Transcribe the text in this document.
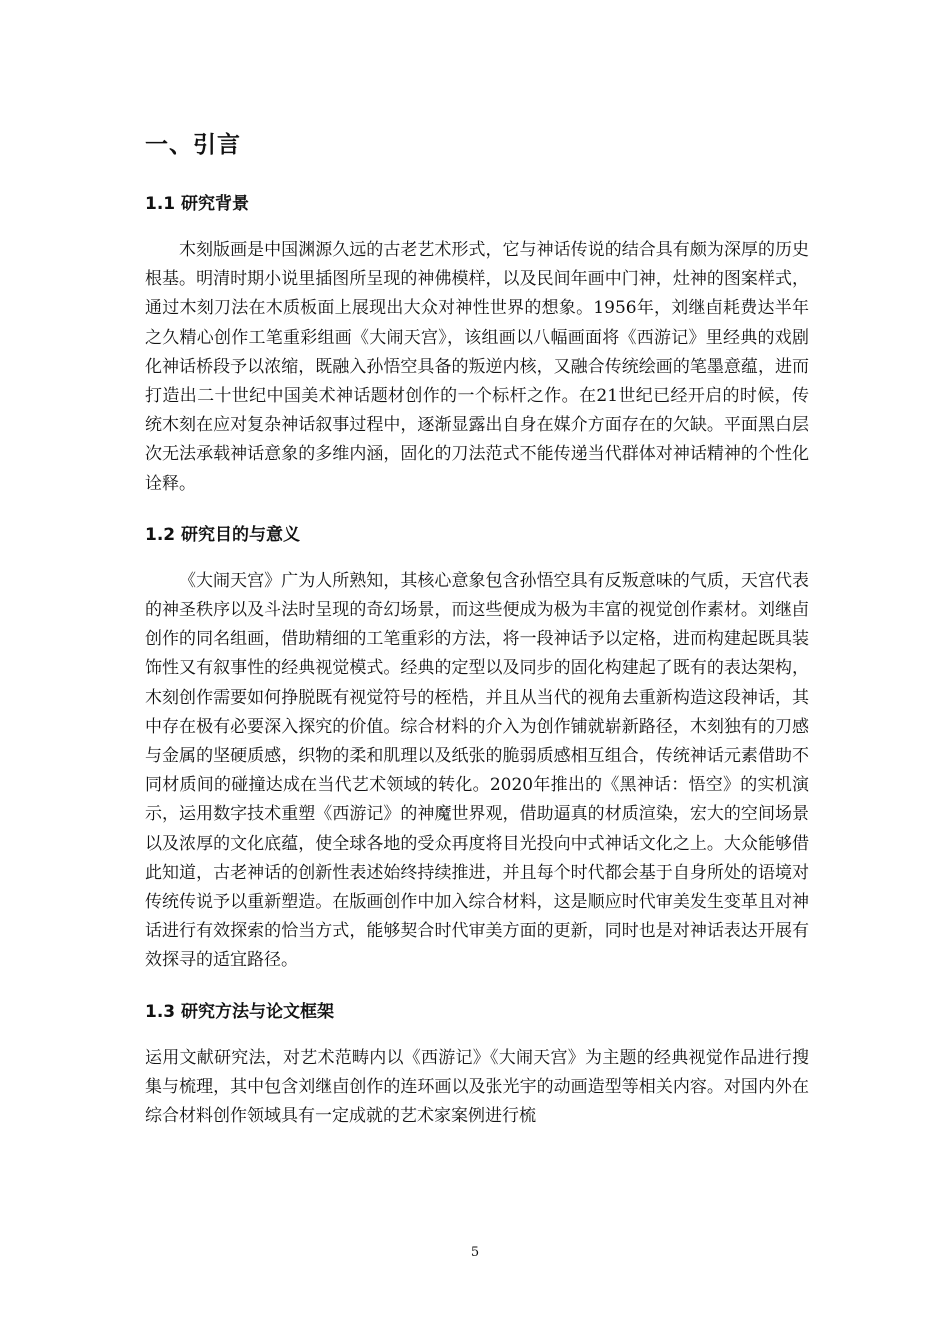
一、引言
1.1 研究背景

木刻版画是中国渊源久远的古老艺术形式，它与神话传说的结合具有颇为深厚的历史根基。明清时期小说里插图所呈现的神佛模样，以及民间年画中门神，灶神的图案样式，通过木刻刀法在木质板面上展现出大众对神性世界的想象。1956年，刘继卣耗费达半年之久精心创作工笔重彩组画《大闹天宫》，该组画以八幅画面将《西游记》里经典的戏剧化神话桥段予以浓缩，既融入孙悟空具备的叛逆内核，又融合传统绘画的笔墨意蕴，进而打造出二十世纪中国美术神话题材创作的一个标杆之作。在21世纪已经开启的时候，传统木刻在应对复杂神话叙事过程中，逐渐显露出自身在媒介方面存在的欠缺。平面黑白层次无法承载神话意象的多维内涵，固化的刀法范式不能传递当代群体对神话精神的个性化诠释。

1.2 研究目的与意义

《大闹天宫》广为人所熟知，其核心意象包含孙悟空具有反叛意味的气质，天宫代表的神圣秩序以及斗法时呈现的奇幻场景，而这些便成为极为丰富的视觉创作素材。刘继卣创作的同名组画，借助精细的工笔重彩的方法，将一段神话予以定格，进而构建起既具装饰性又有叙事性的经典视觉模式。经典的定型以及同步的固化构建起了既有的表达架构，木刻创作需要如何挣脱既有视觉符号的桎梏，并且从当代的视角去重新构造这段神话，其中存在极有必要深入探究的价值。综合材料的介入为创作铺就崭新路径，木刻独有的刀感与金属的坚硬质感，织物的柔和肌理以及纸张的脆弱质感相互组合，传统神话元素借助不同材质间的碰撞达成在当代艺术领域的转化。2020年推出的《黑神话：悟空》的实机演示，运用数字技术重塑《西游记》的神魔世界观，借助逼真的材质渲染，宏大的空间场景以及浓厚的文化底蕴，使全球各地的受众再度将目光投向中式神话文化之上。大众能够借此知道，古老神话的创新性表述始终持续推进，并且每个时代都会基于自身所处的语境对传统传说予以重新塑造。在版画创作中加入综合材料，这是顺应时代审美发生变革且对神话进行有效探索的恰当方式，能够契合时代审美方面的更新，同时也是对神话表达开展有效探寻的适宜路径。

1.3 研究方法与论文框架

运用文献研究法，对艺术范畴内以《西游记》《大闹天宫》为主题的经典视觉作品进行搜集与梳理，其中包含刘继卣创作的连环画以及张光宇的动画造型等相关内容。对国内外在综合材料创作领域具有一定成就的艺术家案例进行梳

5
